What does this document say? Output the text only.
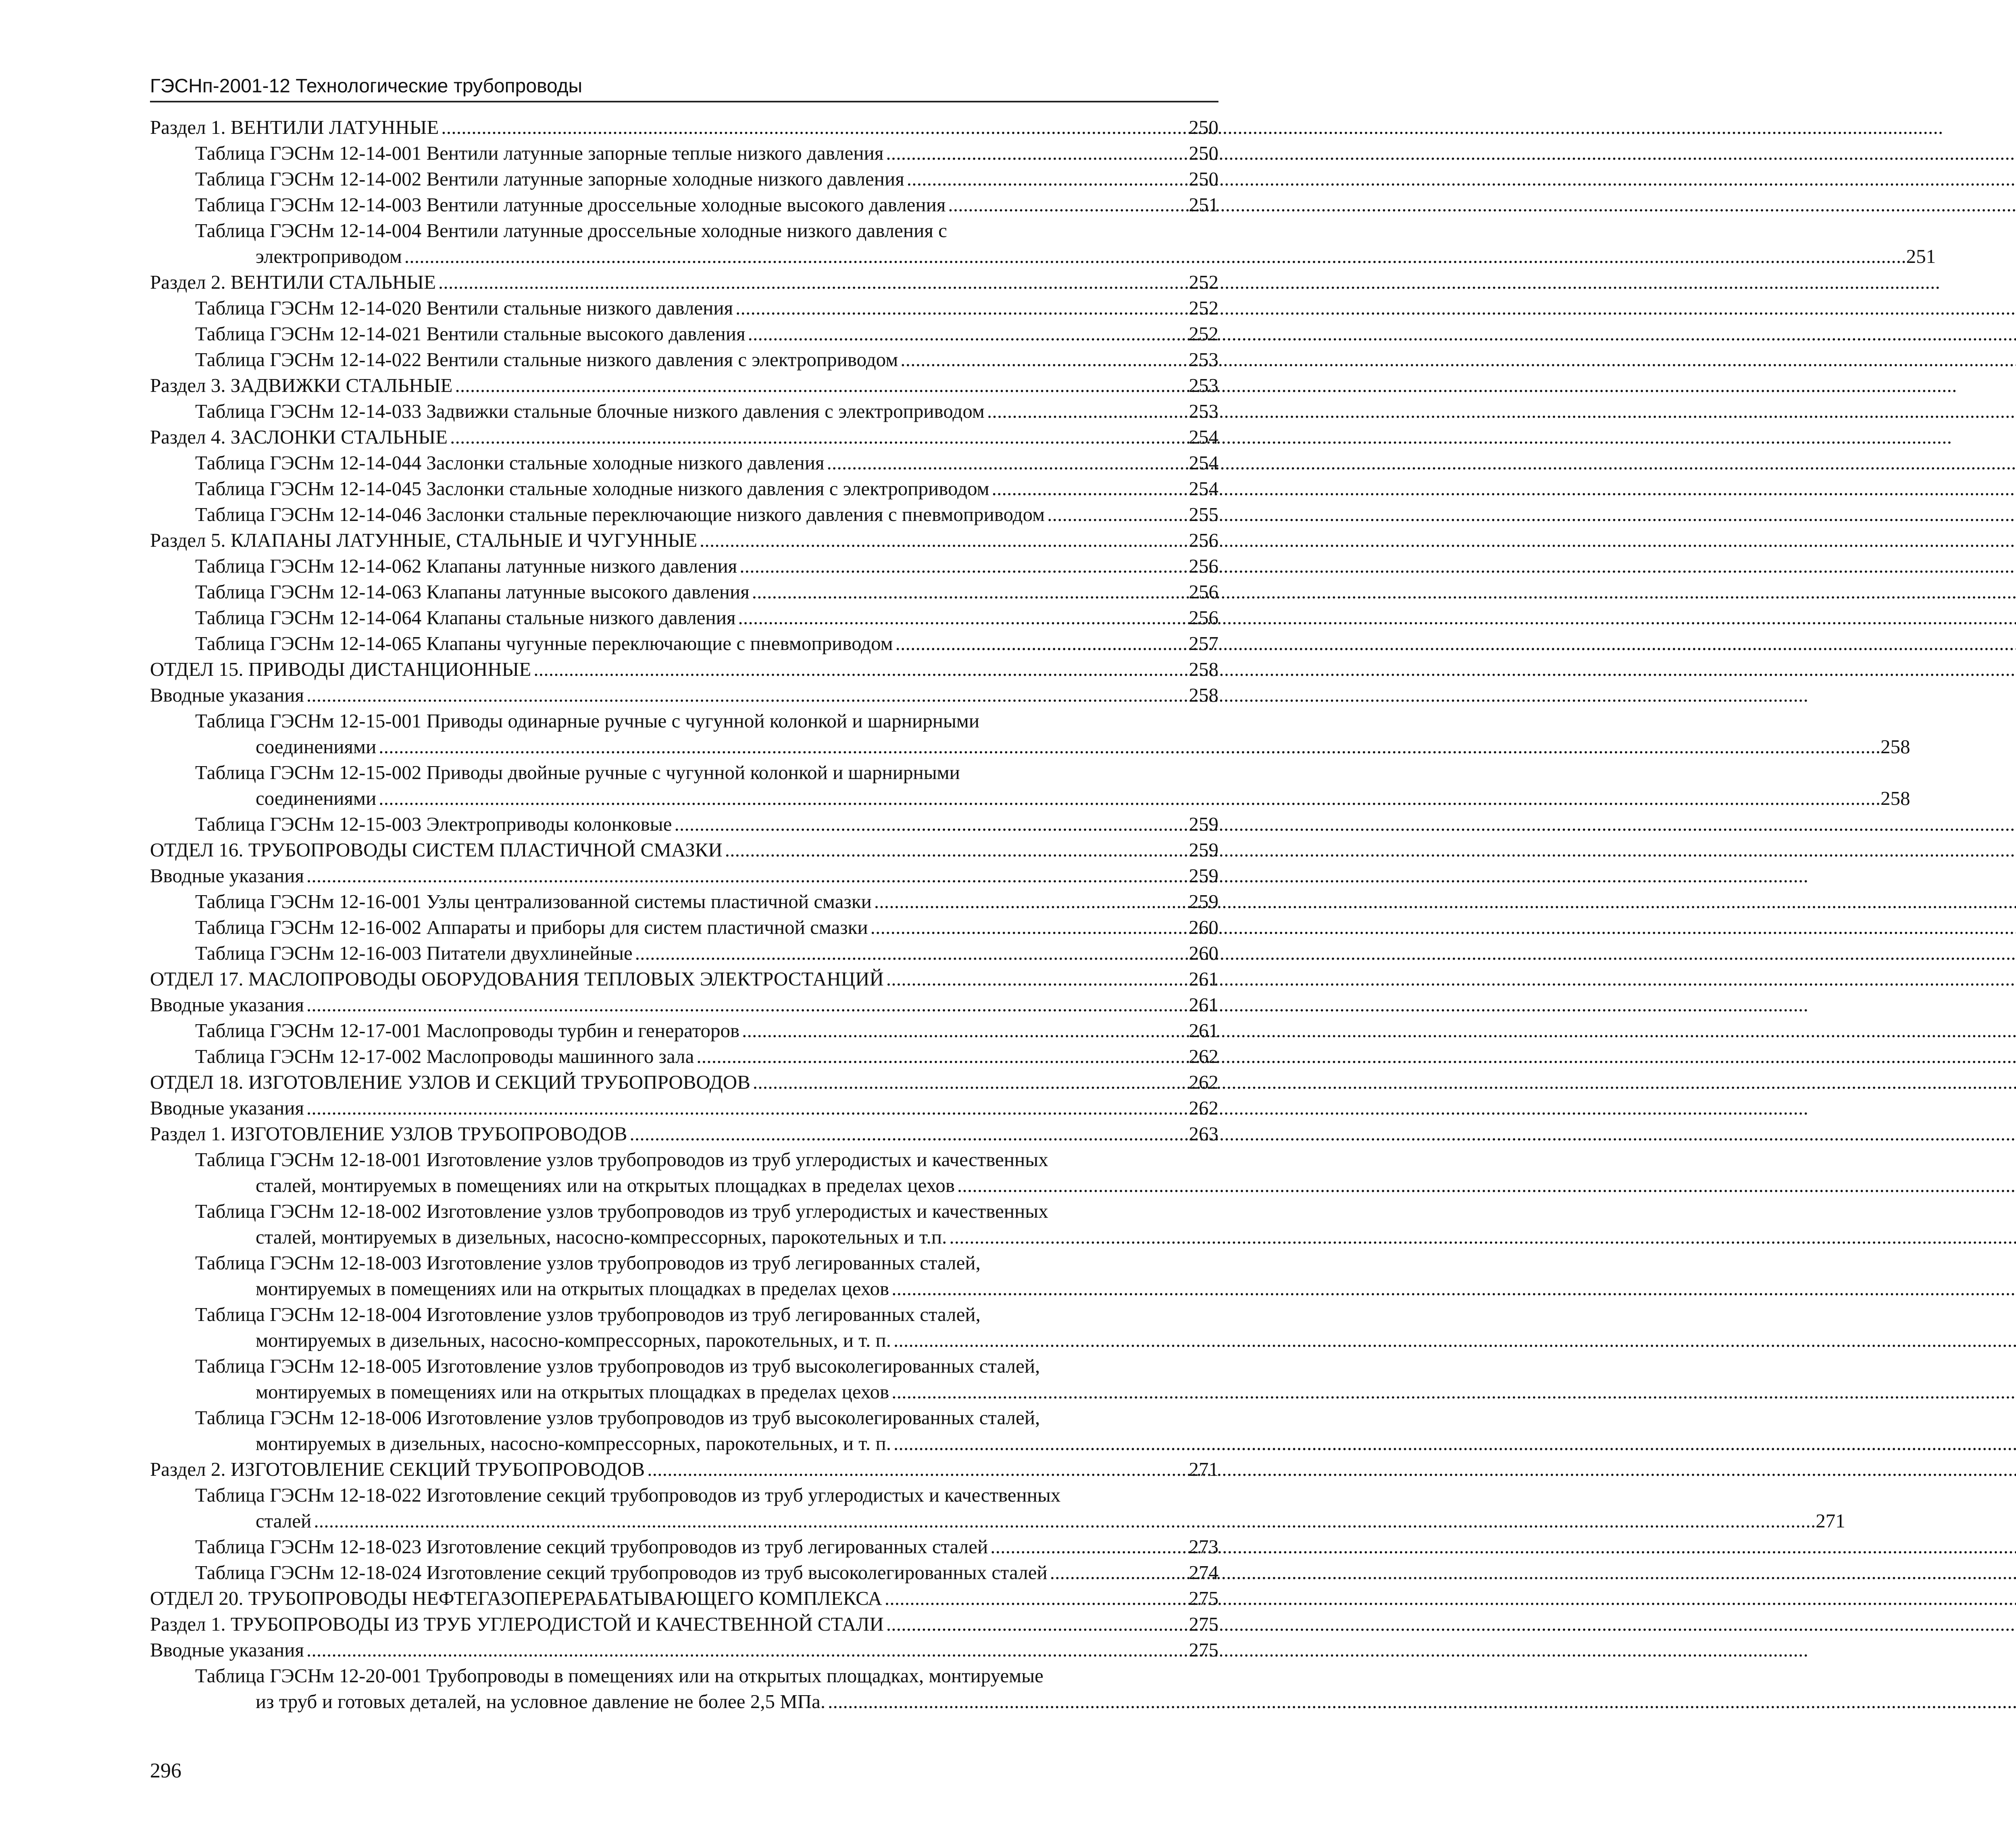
ГЭСНп-2001-12 Технологические трубопроводы
Раздел 1. ВЕНТИЛИ ЛАТУННЫЕ . . .	250
Таблица ГЭСНм 12-14-001 Вентили латунные запорные теплые низкого давления . . .	250
Таблица ГЭСНм 12-14-002 Вентили латунные запорные холодные низкого давления . . .	250
Таблица ГЭСНм 12-14-003 Вентили латунные дроссельные холодные высокого давления . . .	251
Таблица ГЭСНм 12-14-004 Вентили латунные дроссельные холодные низкого давления с
электроприводом . . .	251
Раздел 2. ВЕНТИЛИ СТАЛЬНЫЕ . . .	252
Таблица ГЭСНм 12-14-020 Вентили стальные низкого давления . . .	252
Таблица ГЭСНм 12-14-021 Вентили стальные высокого давления . . .	252
Таблица ГЭСНм 12-14-022 Вентили стальные низкого давления с электроприводом . . .	253
Раздел 3. ЗАДВИЖКИ СТАЛЬНЫЕ . . .	253
Таблица ГЭСНм 12-14-033 Задвижки стальные блочные низкого давления с электроприводом . . .	253
Раздел 4. ЗАСЛОНКИ СТАЛЬНЫЕ . . .	254
Таблица ГЭСНм 12-14-044 Заслонки стальные холодные низкого давления . . .	254
Таблица ГЭСНм 12-14-045 Заслонки стальные холодные низкого давления с электроприводом . . .	254
Таблица ГЭСНм 12-14-046 Заслонки стальные переключающие низкого давления с пневмоприводом . . .	255
Раздел 5. КЛАПАНЫ ЛАТУННЫЕ, СТАЛЬНЫЕ И ЧУГУННЫЕ . . .	256
Таблица ГЭСНм 12-14-062 Клапаны латунные низкого давления . . .	256
Таблица ГЭСНм 12-14-063 Клапаны латунные высокого давления . . .	256
Таблица ГЭСНм 12-14-064 Клапаны стальные низкого давления . . .	256
Таблица ГЭСНм 12-14-065 Клапаны чугунные переключающие с пневмоприводом . . .	257
ОТДЕЛ 15. ПРИВОДЫ ДИСТАНЦИОННЫЕ . . .	258
Вводные указания . . .	258
Таблица ГЭСНм 12-15-001 Приводы одинарные ручные с чугунной колонкой и шарнирными
соединениями . . .	258
Таблица ГЭСНм 12-15-002 Приводы двойные ручные с чугунной колонкой и шарнирными
соединениями . . .	258
Таблица ГЭСНм 12-15-003 Электроприводы колонковые . . .	259
ОТДЕЛ 16. ТРУБОПРОВОДЫ СИСТЕМ ПЛАСТИЧНОЙ СМАЗКИ . . .	259
Вводные указания . . .	259
Таблица ГЭСНм 12-16-001 Узлы централизованной системы пластичной смазки . . .	259
Таблица ГЭСНм 12-16-002 Аппараты и приборы для систем пластичной смазки . . .	260
Таблица ГЭСНм 12-16-003 Питатели двухлинейные . . .	260
ОТДЕЛ 17. МАСЛОПРОВОДЫ ОБОРУДОВАНИЯ ТЕПЛОВЫХ ЭЛЕКТРОСТАНЦИЙ . . .	261
Вводные указания . . .	261
Таблица ГЭСНм 12-17-001 Маслопроводы турбин и генераторов . . .	261
Таблица ГЭСНм 12-17-002 Маслопроводы машинного зала . . .	262
ОТДЕЛ 18. ИЗГОТОВЛЕНИЕ УЗЛОВ И СЕКЦИЙ ТРУБОПРОВОДОВ . . .	262
Вводные указания . . .	262
Раздел 1. ИЗГОТОВЛЕНИЕ УЗЛОВ ТРУБОПРОВОДОВ . . .	263
Таблица ГЭСНм 12-18-001 Изготовление узлов трубопроводов из труб углеродистых и качественных
сталей, монтируемых в помещениях или на открытых площадках в пределах цехов. . .
Таблица ГЭСНм 12-18-002 Изготовление узлов трубопроводов из труб углеродистых и качественных
сталей, монтируемых в дизельных, насосно-компрессорных, парокотельных и т.п.. . .
Таблица ГЭСНм 12-18-003 Изготовление узлов трубопроводов из труб легированных сталей,
монтируемых в помещениях или на открытых площадках в пределах цехов. . .
Таблица ГЭСНм 12-18-004 Изготовление узлов трубопроводов из труб легированных сталей,
монтируемых в дизельных, насосно-компрессорных, парокотельных, и т. п.. . .
Таблица ГЭСНм 12-18-005 Изготовление узлов трубопроводов из труб высоколегированных сталей,
монтируемых в помещениях или на открытых площадках в пределах цехов. . .
Таблица ГЭСНм 12-18-006 Изготовление узлов трубопроводов из труб высоколегированных сталей,
монтируемых в дизельных, насосно-компрессорных, парокотельных, и т. п.. . .
Раздел 2. ИЗГОТОВЛЕНИЕ СЕКЦИЙ ТРУБОПРОВОДОВ . . .	271
Таблица ГЭСНм 12-18-022 Изготовление секций трубопроводов из труб углеродистых и качественных
сталей . . .	271
Таблица ГЭСНм 12-18-023 Изготовление секций трубопроводов из труб легированных сталей . . .	273
Таблица ГЭСНм 12-18-024 Изготовление секций трубопроводов из труб высоколегированных сталей . . .	274
ОТДЕЛ 20. ТРУБОПРОВОДЫ НЕФТЕГАЗОПЕРЕРАБАТЫВАЮЩЕГО КОМПЛЕКСА . . .	275
Раздел 1. ТРУБОПРОВОДЫ ИЗ ТРУБ УГЛЕРОДИСТОЙ И КАЧЕСТВЕННОЙ СТАЛИ . . .	275
Вводные указания . . .	275
Таблица ГЭСНм 12-20-001 Трубопроводы в помещениях или на открытых площадках, монтируемые
из труб и готовых деталей, на условное давление не более 2,5 МПа.. . .
296
